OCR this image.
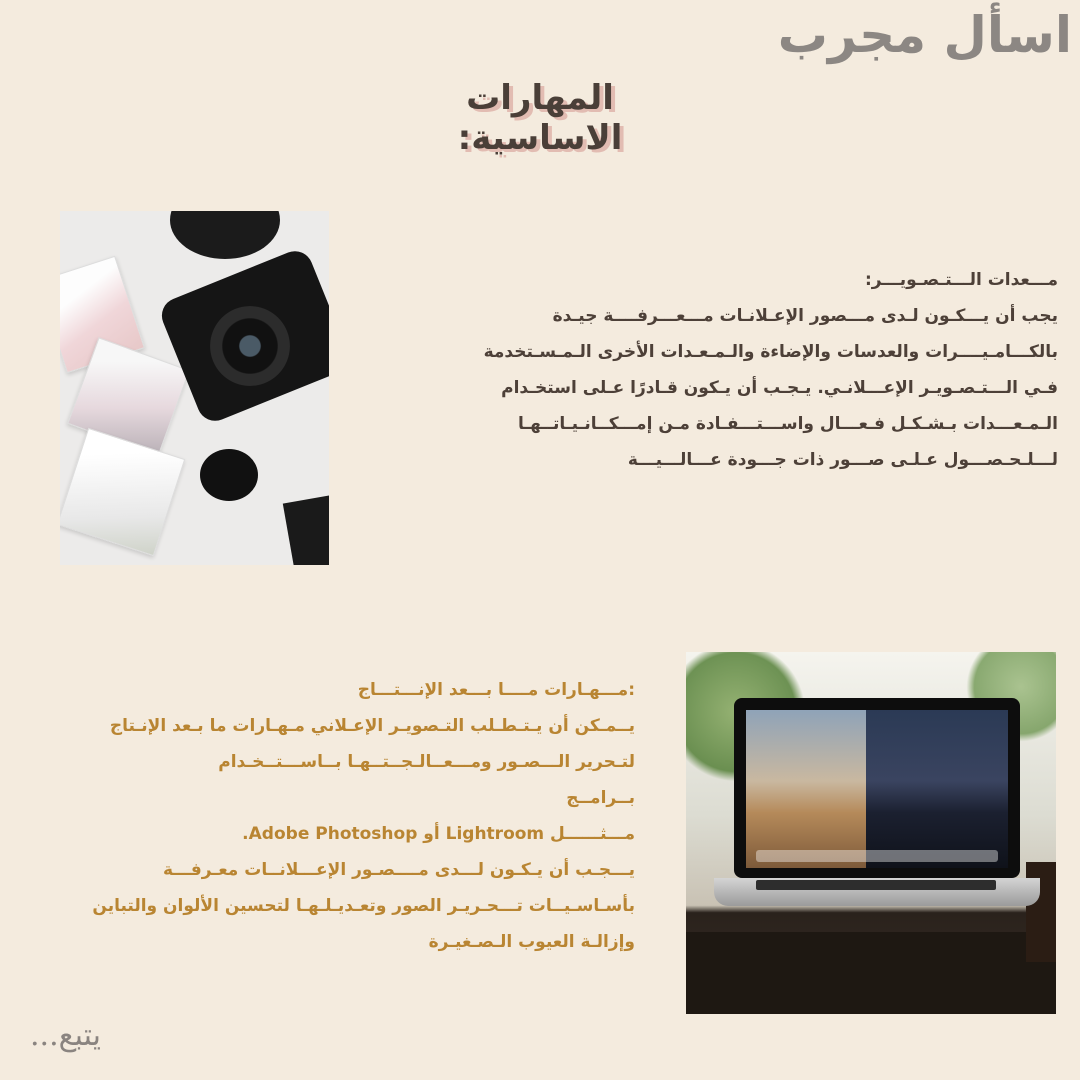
اسأل مجرب
المهارات الاساسية:
مـــعدات الـــتـصـويـــر:
يجب أن يـــكـون لـدى مـــصور الإعـلانـات مـــعـــرفــــة جيـدة
بالكـــامـيــــرات والعدسات والإضاءة والـمـعـدات الأخرى الـمـسـتخدمة
فـي الـــتـصـويـر الإعـــلانـي. يـجـب أن يـكون قـادرًا عـلى استخـدام
الـمـعـــدات بـشـكـل فـعـــال واســـتـــفـادة مـن إمـــكــانـيـاتــهـا
لـــلـحـصـــول عـلـى صـــور ذات جـــودة عـــالـــيـــة
:مـــهـارات مــــا بـــعد الإنـــتـــاج
يــمـكن أن يـتـطـلب التـصويـر الإعـلاني مـهـارات ما بـعد الإنـتاج
لتـحرير الـــصـور ومـــعــالـجــتــهـا بــاســـتــخـدام
بــرامــج
مـــثــــــل Lightroom أو Adobe Photoshop.
يـــجـب أن يـكـون لـــدى مــــصـور الإعـــلانــات معـرفـــة
بأسـاسـيــات تـــحـريـر الصور وتعـديـلـهـا لتحسين الألوان والتباين
وإزالـة العيوب الـصـغيـرة
يتبع...
